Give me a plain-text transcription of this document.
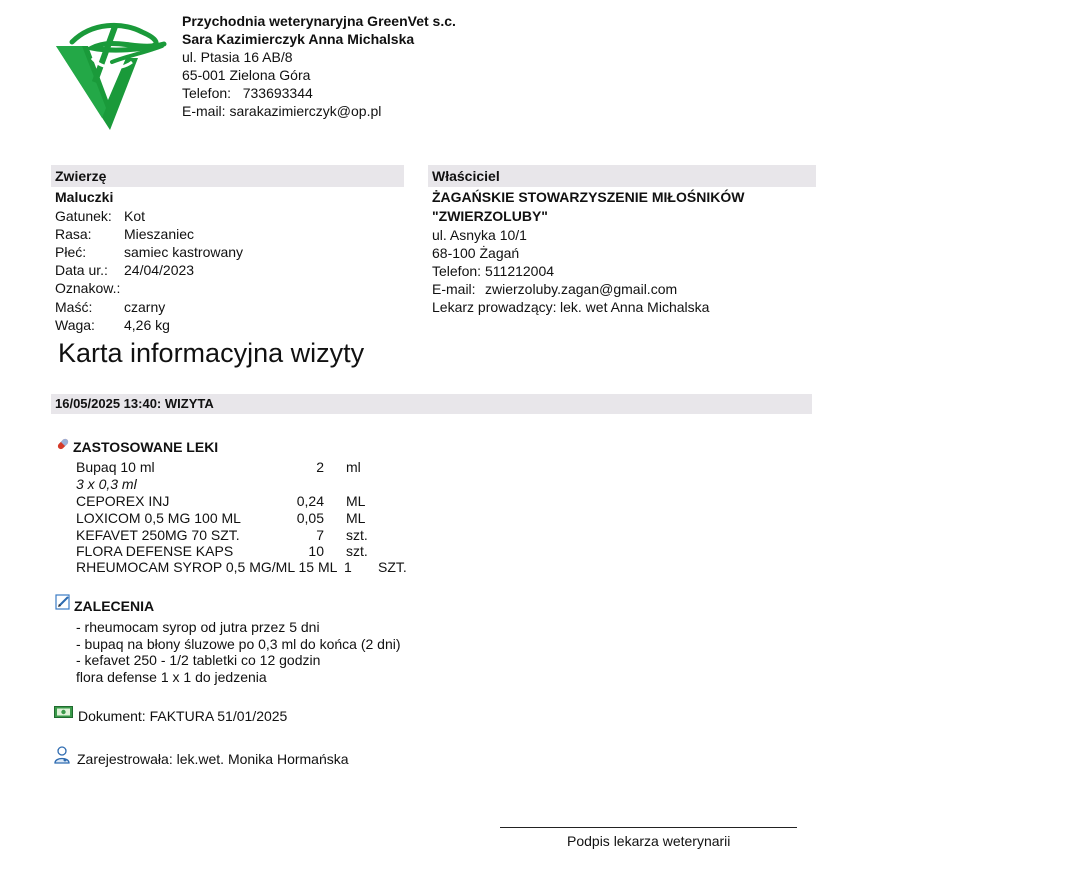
Przychodnia weterynaryjna GreenVet s.c.
Sara Kazimierczyk Anna Michalska
ul. Ptasia 16 AB/8
65-001 Zielona Góra
Telefon: 733693344
E-mail: sarakazimierczyk@op.pl
Zwierzę
Maluczki
Gatunek: Kot
Rasa: Mieszaniec
Płeć:	samiec kastrowany
Data ur.: 24/04/2023
Oznakow.:
Maść: czarny
Waga: 4,26 kg
Właściciel
ŻAGAŃSKIE STOWARZYSZENIE MIŁOŚNIKÓW
"ZWIERZOLUBY"
ul. Asnyka 10/1
68-100 Żagań
Telefon: 511212004
E-mail: zwierzoluby.zagan@gmail.com
Lekarz prowadzący: lek. wet Anna Michalska
Karta informacyjna wizyty
16/05/2025 13:40: WIZYTA
ZASTOSOWANE LEKI
Bupaq 10 ml	2 ml
3 x 0,3 ml
CEPOREX INJ	0,24 ML
LOXICOM 0,5 MG 100 ML	0,05 ML
KEFAVET 250MG 70 SZT.	7 szt.
FLORA DEFENSE KAPS	10 szt.
RHEUMOCAM SYROP 0,5 MG/ML 15 ML 1 SZT.
ZALECENIA
- rheumocam syrop od jutra przez 5 dni
- bupaq na błony śluzowe po 0,3 ml do końca (2 dni)
- kefavet 250 - 1/2 tabletki co 12 godzin
flora defense 1 x 1 do jedzenia
Dokument: FAKTURA 51/01/2025
Zarejestrowała: lek.wet. Monika Hormańska
Podpis lekarza weterynarii
